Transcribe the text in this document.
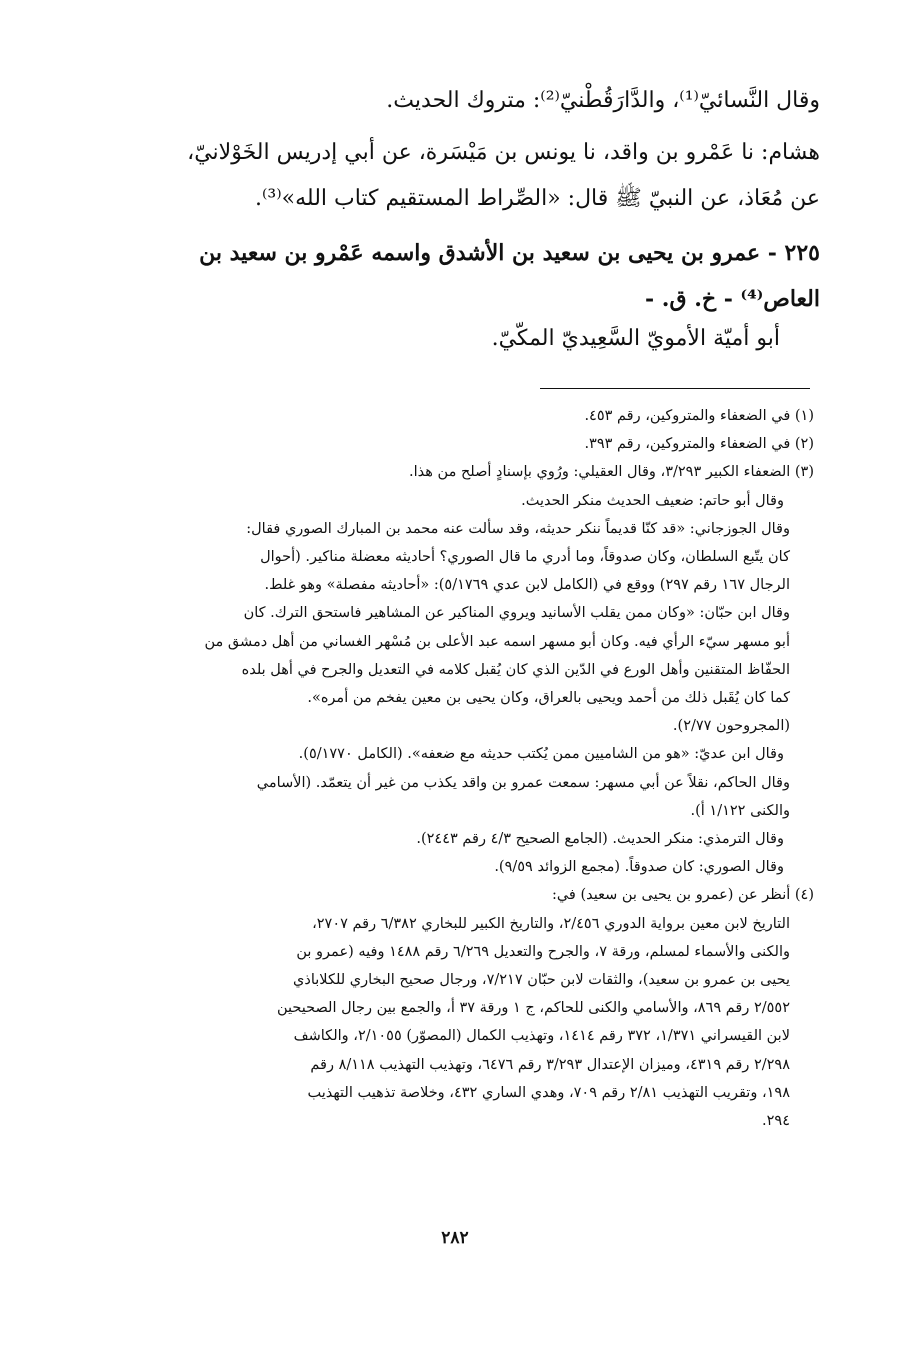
وقال النَّسائيّ⁽¹⁾، والدَّارَقُطْنيّ⁽²⁾: متروك الحديث.
هشام: نا عَمْرو بن واقد، نا يونس بن مَيْسَرة، عن أبي إدريس الخَوْلانيّ،
عن مُعَاذ، عن النبيّ ﷺ قال: «الصِّراط المستقيم كتاب الله»⁽³⁾.
٢٢٥ - عمرو بن يحيى بن سعيد بن الأشدق واسمه عَمْرو بن سعيد بن
العاص⁽⁴⁾ - خ. ق. -
أبو أميّة الأمويّ السَّعِيديّ المكّيّ.
(١) في الضعفاء والمتروكين، رقم ٤٥٣.
(٢) في الضعفاء والمتروكين، رقم ٣٩٣.
(٣) الضعفاء الكبير ٣/٢٩٣، وقال العقيلي: ورُوي بإسنادٍ أصلح من هذا.
وقال أبو حاتم: ضعيف الحديث منكر الحديث.
وقال الجوزجاني: «قد كنّا قديماً ننكر حديثه، وقد سألت عنه محمد بن المبارك الصوري فقال:
كان يتّبع السلطان، وكان صدوقاً، وما أدري ما قال الصوري؟ أحاديثه معضلة مناكير. (أحوال
الرجال ١٦٧ رقم ٢٩٧) ووقع في (الكامل لابن عدي ٥/١٧٦٩): «أحاديثه مفصلة» وهو غلط.
وقال ابن حبّان: «وكان ممن يقلب الأسانيد ويروي المناكير عن المشاهير فاستحق الترك. كان
أبو مسهر سيّء الرأي فيه. وكان أبو مسهر اسمه عبد الأعلى بن مُسْهر الغساني من أهل دمشق من
الحفّاظ المتقنين وأهل الورع في الدّين الذي كان يُقبل كلامه في التعديل والجرح في أهل بلده
كما كان يُقَبل ذلك من أحمد ويحيى بالعراق، وكان يحيى بن معين يفخم من أمره».
(المجروحون ٢/٧٧).
وقال ابن عديّ: «هو من الشاميين ممن يُكتب حديثه مع ضعفه». (الكامل ٥/١٧٧٠).
وقال الحاكم، نقلاً عن أبي مسهر: سمعت عمرو بن واقد يكذب من غير أن يتعمّد. (الأسامي
والكنى ١/١٢٢ أ).
وقال الترمذي: منكر الحديث. (الجامع الصحيح ٤/٣ رقم ٢٤٤٣).
وقال الصوري: كان صدوقاً. (مجمع الزوائد ٩/٥٩).
(٤) أنظر عن (عمرو بن يحيى بن سعيد) في:
التاريخ لابن معين برواية الدوري ٢/٤٥٦، والتاريخ الكبير للبخاري ٦/٣٨٢ رقم ٢٧٠٧،
والكنى والأسماء لمسلم، ورقة ٧، والجرح والتعديل ٦/٢٦٩ رقم ١٤٨٨ وفيه (عمرو بن
يحيى بن عمرو بن سعيد)، والثقات لابن حبّان ٧/٢١٧، ورجال صحيح البخاري للكلاباذي
٢/٥٥٢ رقم ٨٦٩، والأسامي والكنى للحاكم، ج ١ ورقة ٣٧ أ، والجمع بين رجال الصحيحين
لابن القيسراني ١/٣٧١، ٣٧٢ رقم ١٤١٤، وتهذيب الكمال (المصوّر) ٢/١٠٥٥، والكاشف
٢/٢٩٨ رقم ٤٣١٩، وميزان الإعتدال ٣/٢٩٣ رقم ٦٤٧٦، وتهذيب التهذيب ٨/١١٨ رقم
١٩٨، وتقريب التهذيب ٢/٨١ رقم ٧٠٩، وهدي الساري ٤٣٢، وخلاصة تذهيب التهذيب
٢٩٤.
٢٨٢
